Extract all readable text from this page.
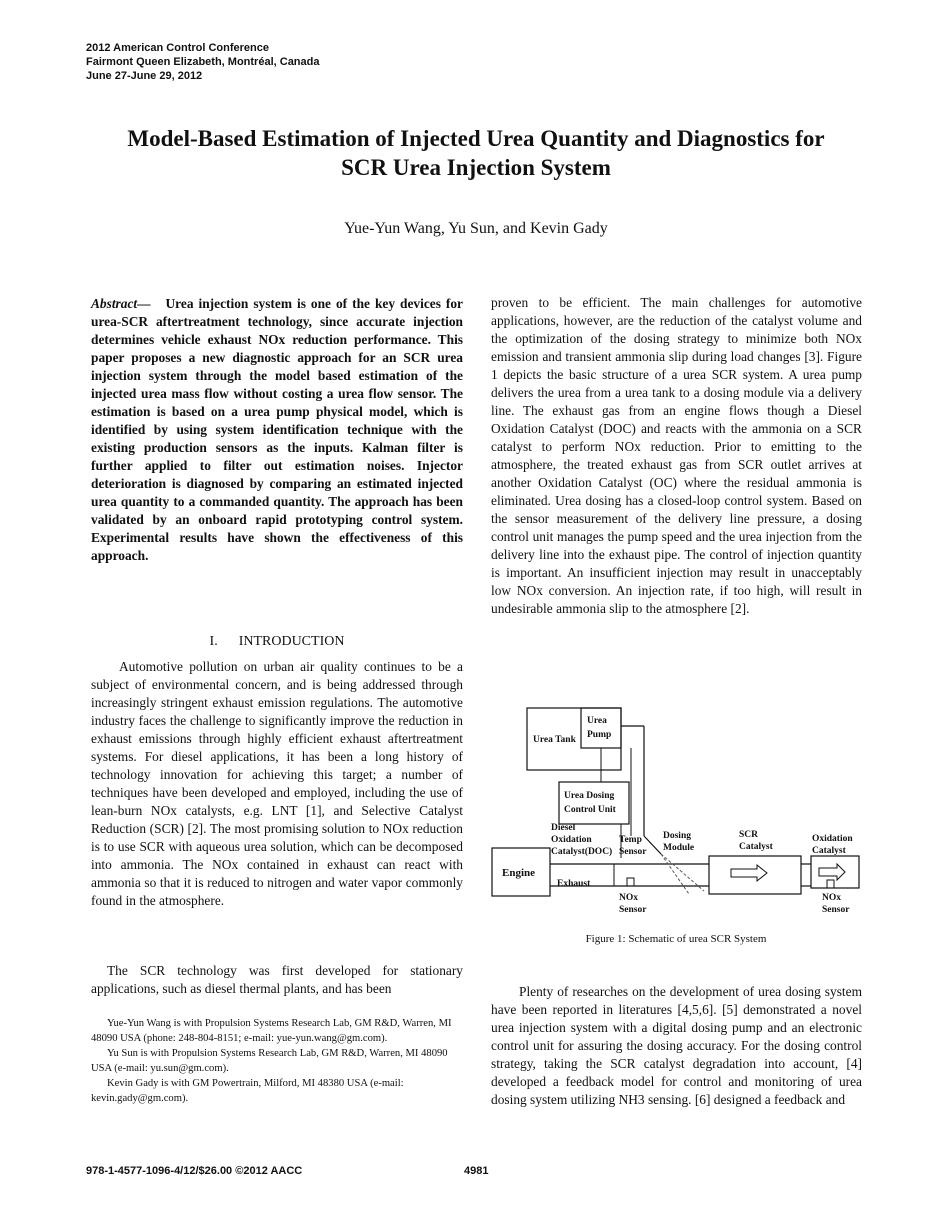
2012 American Control Conference
Fairmont Queen Elizabeth, Montréal, Canada
June 27-June 29, 2012
Model-Based Estimation of Injected Urea Quantity and Diagnostics for
SCR Urea Injection System
Yue-Yun Wang, Yu Sun, and Kevin Gady
Abstract— Urea injection system is one of the key devices for urea-SCR aftertreatment technology, since accurate injection determines vehicle exhaust NOx reduction performance. This paper proposes a new diagnostic approach for an SCR urea injection system through the model based estimation of the injected urea mass flow without costing a urea flow sensor. The estimation is based on a urea pump physical model, which is identified by using system identification technique with the existing production sensors as the inputs. Kalman filter is further applied to filter out estimation noises. Injector deterioration is diagnosed by comparing an estimated injected urea quantity to a commanded quantity. The approach has been validated by an onboard rapid prototyping control system. Experimental results have shown the effectiveness of this approach.
I.      INTRODUCTION
Automotive pollution on urban air quality continues to be a subject of environmental concern, and is being addressed through increasingly stringent exhaust emission regulations. The automotive industry faces the challenge to significantly improve the reduction in exhaust emissions through highly efficient exhaust aftertreatment systems. For diesel applications, it has been a long history of technology innovation for achieving this target; a number of techniques have been developed and employed, including the use of lean-burn NOx catalysts, e.g. LNT [1], and Selective Catalyst Reduction (SCR) [2]. The most promising solution to NOx reduction is to use SCR with aqueous urea solution, which can be decomposed into ammonia. The NOx contained in exhaust can react with ammonia so that it is reduced to nitrogen and water vapor commonly found in the atmosphere.
The SCR technology was first developed for stationary applications, such as diesel thermal plants, and has been

Yue-Yun Wang is with Propulsion Systems Research Lab, GM R&D, Warren, MI 48090 USA (phone: 248-804-8151; e-mail: yue-yun.wang@gm.com).

Yu Sun is with Propulsion Systems Research Lab, GM R&D, Warren, MI 48090 USA (e-mail: yu.sun@gm.com).

Kevin Gady is with GM Powertrain, Milford, MI 48380 USA (e-mail: kevin.gady@gm.com).

proven to be efficient. The main challenges for automotive applications, however, are the reduction of the catalyst volume and the optimization of the dosing strategy to minimize both NOx emission and transient ammonia slip during load changes [3]. Figure 1 depicts the basic structure of a urea SCR system. A urea pump delivers the urea from a urea tank to a dosing module via a delivery line. The exhaust gas from an engine flows though a Diesel Oxidation Catalyst (DOC) and reacts with the ammonia on a SCR catalyst to perform NOx reduction. Prior to emitting to the atmosphere, the treated exhaust gas from SCR outlet arrives at another Oxidation Catalyst (OC) where the residual ammonia is eliminated. Urea dosing has a closed-loop control system. Based on the sensor measurement of the delivery line pressure, a dosing control unit manages the pump speed and the urea injection from the delivery line into the exhaust pipe. The control of injection quantity is important. An insufficient injection may result in unacceptably low NOx conversion. An injection rate, if too high, will result in undesirable ammonia slip to the atmosphere [2].
Urea Tank
Urea
Pump
Urea Dosing
Control Unit
Diesel
Oxidation
Catalyst(DOC)
Temp
Sensor
Dosing
Module
SCR
Catalyst
Oxidation
Catalyst
Engine
Exhaust
NOx
Sensor
NOx
Sensor
Figure 1: Schematic of urea SCR System
Plenty of researches on the development of urea dosing system have been reported in literatures [4,5,6]. [5] demonstrated a novel urea injection system with a digital dosing pump and an electronic control unit for assuring the dosing accuracy. For the dosing control strategy, taking the SCR catalyst degradation into account, [4] developed a feedback model for control and monitoring of urea dosing system utilizing NH3 sensing. [6] designed a feedback and
978-1-4577-1096-4/12/$26.00 ©2012 AACC	4981
